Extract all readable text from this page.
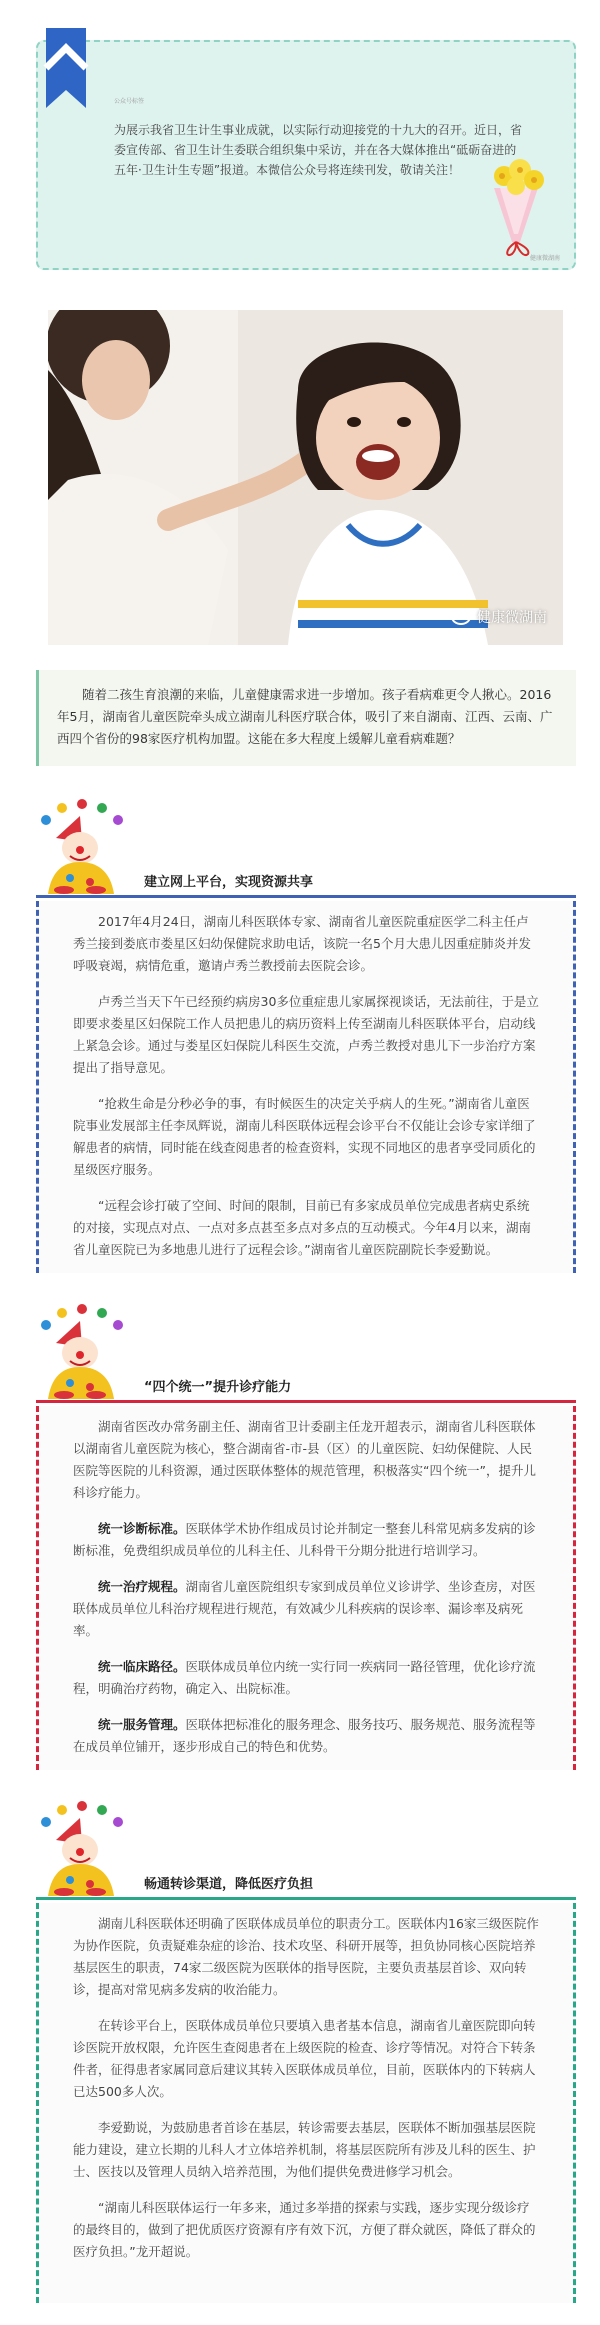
公众号标签
为展示我省卫生计生事业成就，以实际行动迎接党的十九大的召开。近日，省委宣传部、省卫生计生委联合组织集中采访，并在各大媒体推出“砥砺奋进的五年·卫生计生专题”报道。本微信公众号将连续刊发，敬请关注！
健康微湖南
健康微湖南
随着二孩生育浪潮的来临，儿童健康需求进一步增加。孩子看病难更令人揪心。2016年5月，湖南省儿童医院牵头成立湖南儿科医疗联合体，吸引了来自湖南、江西、云南、广西四个省份的98家医疗机构加盟。这能在多大程度上缓解儿童看病难题？
建立网上平台，实现资源共享

2017年4月24日，湖南儿科医联体专家、湖南省儿童医院重症医学二科主任卢秀兰接到娄底市娄星区妇幼保健院求助电话，该院一名5个月大患儿因重症肺炎并发呼吸衰竭，病情危重，邀请卢秀兰教授前去医院会诊。

卢秀兰当天下午已经预约病房30多位重症患儿家属探视谈话，无法前往，于是立即要求娄星区妇保院工作人员把患儿的病历资料上传至湖南儿科医联体平台，启动线上紧急会诊。通过与娄星区妇保院儿科医生交流，卢秀兰教授对患儿下一步治疗方案提出了指导意见。

“抢救生命是分秒必争的事，有时候医生的决定关乎病人的生死。”湖南省儿童医院事业发展部主任李凤辉说，湖南儿科医联体远程会诊平台不仅能让会诊专家详细了解患者的病情，同时能在线查阅患者的检查资料，实现不同地区的患者享受同质化的星级医疗服务。

“远程会诊打破了空间、时间的限制，目前已有多家成员单位完成患者病史系统的对接，实现点对点、一点对多点甚至多点对多点的互动模式。今年4月以来，湖南省儿童医院已为多地患儿进行了远程会诊。”湖南省儿童医院副院长李爱勤说。

“四个统一”提升诊疗能力

湖南省医改办常务副主任、湖南省卫计委副主任龙开超表示，湖南省儿科医联体以湖南省儿童医院为核心，整合湖南省-市-县（区）的儿童医院、妇幼保健院、人民医院等医院的儿科资源，通过医联体整体的规范管理，积极落实“四个统一”，提升儿科诊疗能力。

统一诊断标准。医联体学术协作组成员讨论并制定一整套儿科常见病多发病的诊断标准，免费组织成员单位的儿科主任、儿科骨干分期分批进行培训学习。

统一治疗规程。湖南省儿童医院组织专家到成员单位义诊讲学、坐诊查房，对医联体成员单位儿科治疗规程进行规范，有效减少儿科疾病的误诊率、漏诊率及病死率。

统一临床路径。医联体成员单位内统一实行同一疾病同一路径管理，优化诊疗流程，明确治疗药物，确定入、出院标准。

统一服务管理。医联体把标准化的服务理念、服务技巧、服务规范、服务流程等在成员单位铺开，逐步形成自己的特色和优势。

畅通转诊渠道，降低医疗负担

湖南儿科医联体还明确了医联体成员单位的职责分工。医联体内16家三级医院作为协作医院，负责疑难杂症的诊治、技术攻坚、科研开展等，担负协同核心医院培养基层医生的职责，74家二级医院为医联体的指导医院，主要负责基层首诊、双向转诊，提高对常见病多发病的收治能力。

在转诊平台上，医联体成员单位只要填入患者基本信息，湖南省儿童医院即向转诊医院开放权限，允许医生查阅患者在上级医院的检查、诊疗等情况。对符合下转条件者，征得患者家属同意后建议其转入医联体成员单位，目前，医联体内的下转病人已达500多人次。

李爱勤说，为鼓励患者首诊在基层，转诊需要去基层，医联体不断加强基层医院能力建设，建立长期的儿科人才立体培养机制，将基层医院所有涉及儿科的医生、护士、医技以及管理人员纳入培养范围，为他们提供免费进修学习机会。

“湖南儿科医联体运行一年多来，通过多举措的探索与实践，逐步实现分级诊疗的最终目的，做到了把优质医疗资源有序有效下沉，方便了群众就医，降低了群众的医疗负担。”龙开超说。
